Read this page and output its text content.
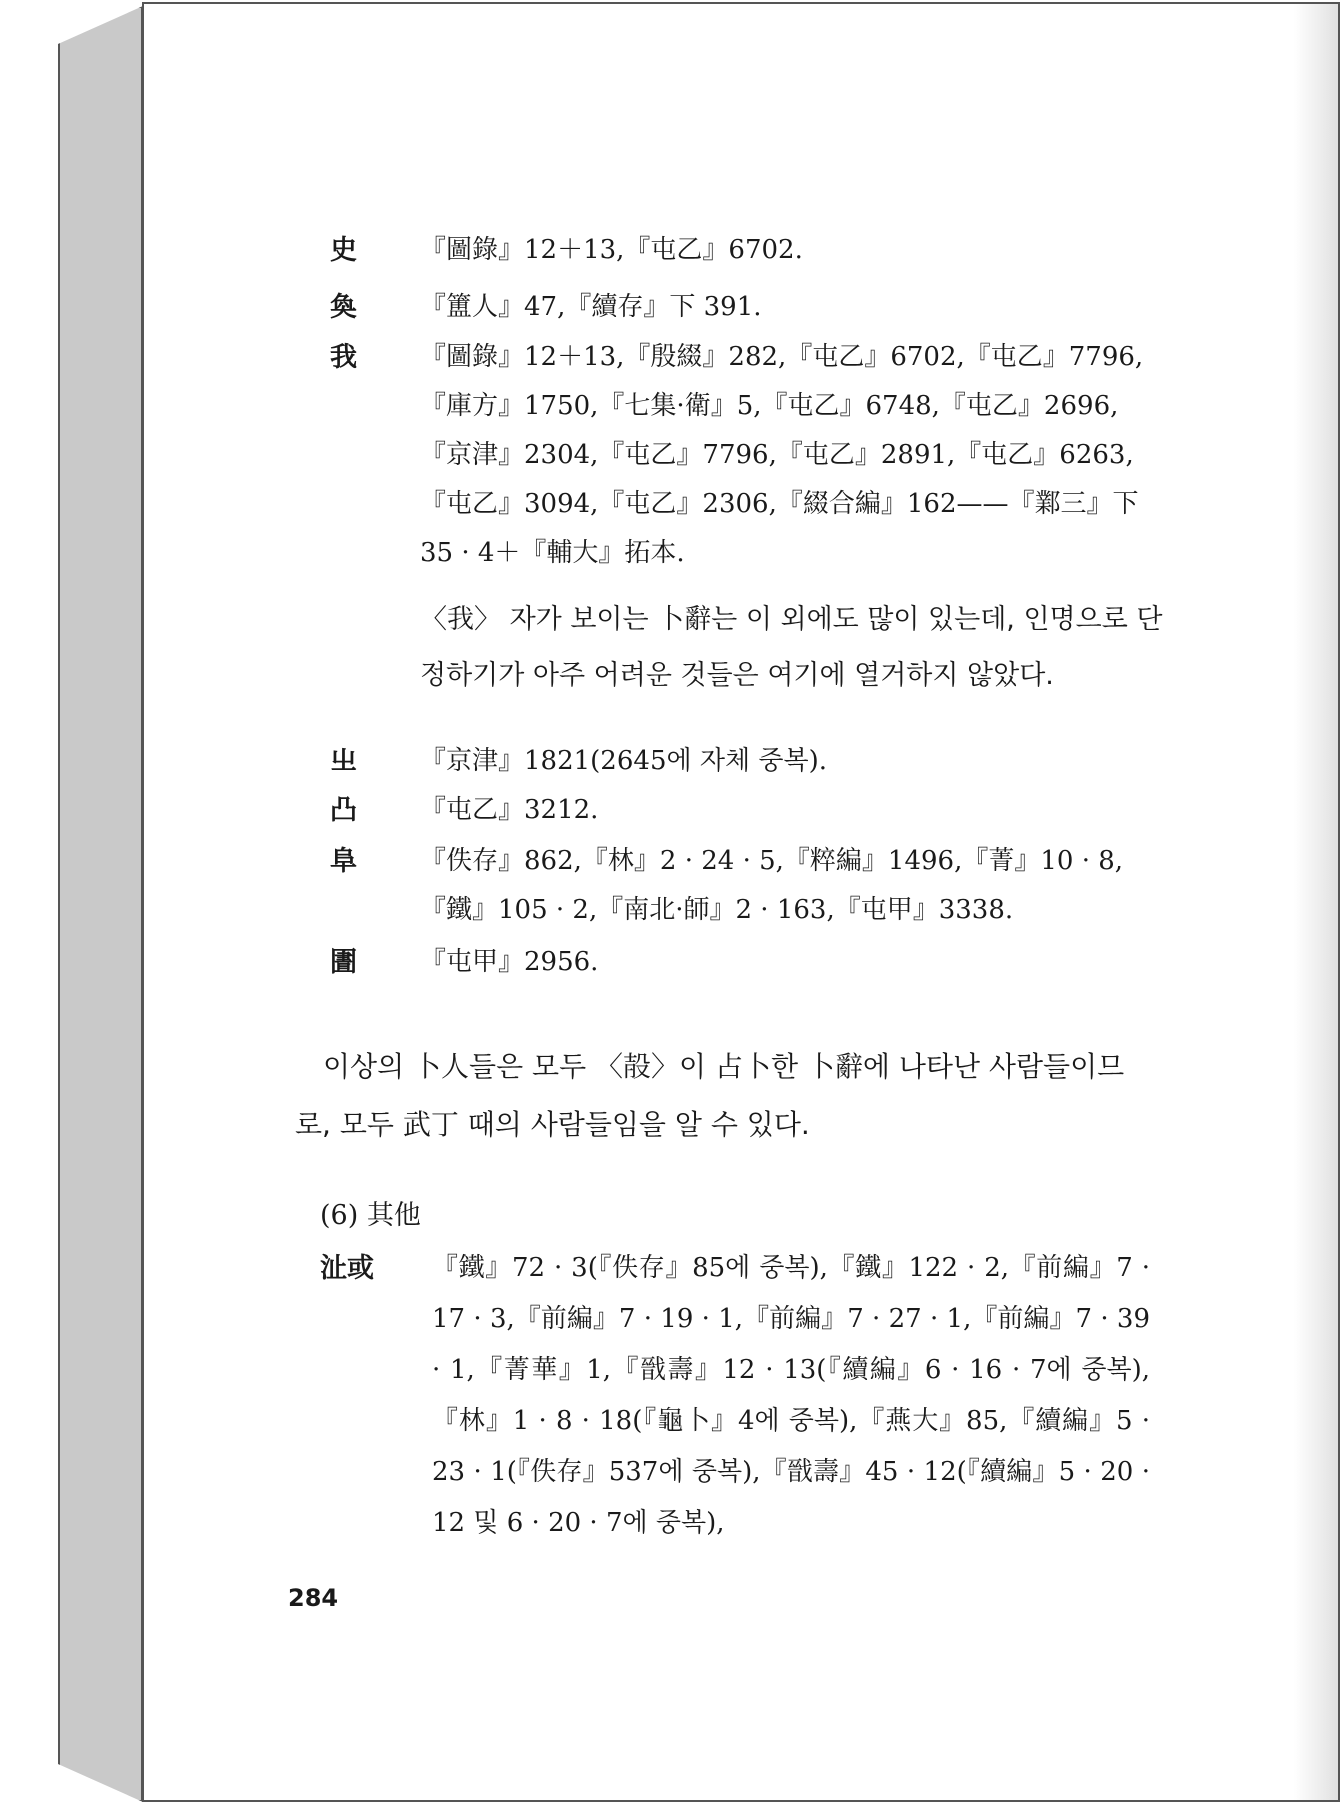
史	『圖錄』12＋13,『屯乙』6702.
奐	『簠人』47,『續存』下 391.
我	『圖錄』12＋13,『殷綴』282,『屯乙』6702,『屯乙』7796,『庫方』1750,『七集·衛』5,『屯乙』6748,『屯乙』2696,『京津』2304,『屯乙』7796,『屯乙』2891,『屯乙』6263,『屯乙』3094,『屯乙』2306,『綴合編』162——『鄴三』下 35 · 4＋『輔大』拓本.
〈我〉 자가 보이는 卜辭는 이 외에도 많이 있는데, 인명으로 단정하기가 아주 어려운 것들은 여기에 열거하지 않았다.
㞢	『京津』1821(2645에 자체 중복).
凸	『屯乙』3212.
阜	『佚存』862,『林』2 · 24 · 5,『粹編』1496,『菁』10 · 8,『鐵』105 · 2,『南北·師』2 · 163,『屯甲』3338.
圕	『屯甲』2956.
이상의 卜人들은 모두 〈㱿〉이 占卜한 卜辭에 나타난 사람들이므로, 모두 武丁 때의 사람들임을 알 수 있다.
(6) 其他
沚或	『鐵』72 · 3(『佚存』85에 중복),『鐵』122 · 2,『前編』7 · 17 · 3,『前編』7 · 19 · 1,『前編』7 · 27 · 1,『前編』7 · 39 · 1,『菁華』1,『戩壽』12 · 13(『續編』6 · 16 · 7에 중복),『林』1 · 8 · 18(『龜卜』4에 중복),『燕大』85,『續編』5 · 23 · 1(『佚存』537에 중복),『戩壽』45 · 12(『續編』5 · 20 · 12 및 6 · 20 · 7에 중복),
284
